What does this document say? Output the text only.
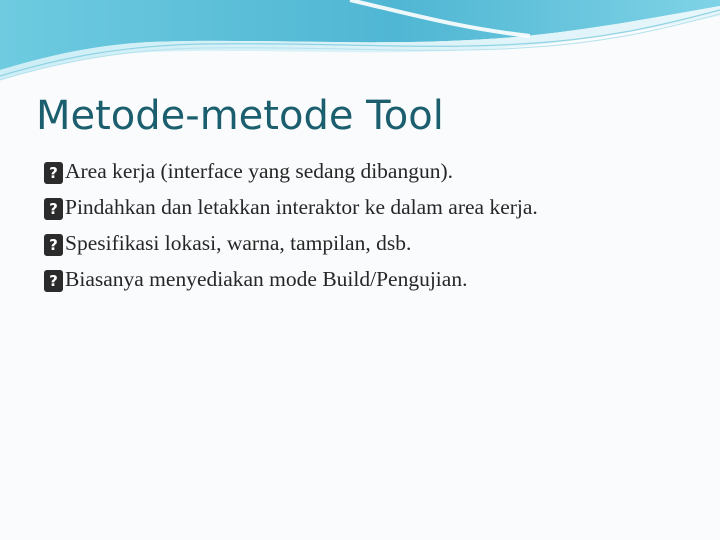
Metode-metode Tool
?
Area kerja (interface yang sedang dibangun).
?
Pindahkan dan letakkan interaktor ke dalam area kerja.
?
Spesifikasi lokasi, warna, tampilan, dsb.
?
Biasanya menyediakan mode Build/Pengujian.
